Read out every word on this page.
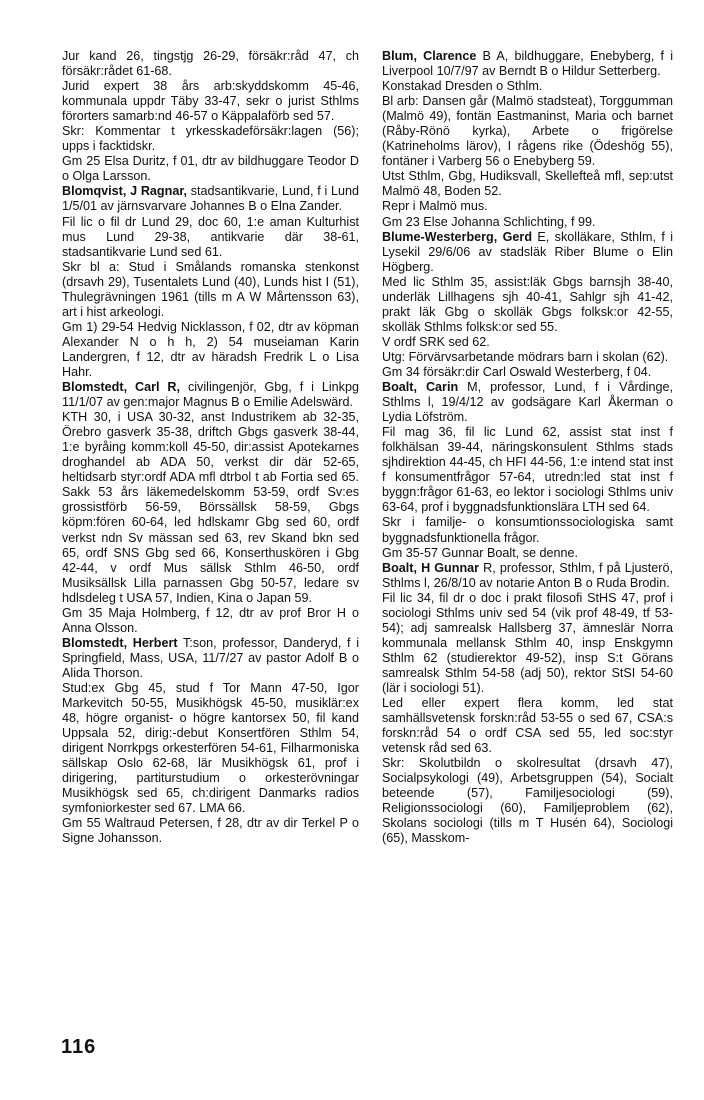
Jur kand 26, tingstjg 26-29, försäkr:råd 47, ch försäkr:rådet 61-68.

Jurid expert 38 års arb:skyddskomm 45-46, kommunala uppdr Täby 33-47, sekr o jurist Sthlms förorters samarb:nd 46-57 o Käppalaförb sed 57.

Skr: Kommentar t yrkesskadeförsäkr:lagen (56); upps i facktidskr.

Gm 25 Elsa Duritz, f 01, dtr av bildhuggare Teodor D o Olga Larsson.

Blomqvist, J Ragnar, stadsantikvarie, Lund, f i Lund 1/5/01 av järnsvarvare Johannes B o Elna Zander.

Fil lic o fil dr Lund 29, doc 60, 1:e aman Kulturhist mus Lund 29-38, antikvarie där 38-61, stadsantikvarie Lund sed 61.

Skr bl a: Stud i Smålands romanska stenkonst (drsavh 29), Tusentalets Lund (40), Lunds hist I (51), Thulegrävningen 1961 (tills m A W Mårtensson 63), art i hist arkeologi.

Gm 1) 29-54 Hedvig Nicklasson, f 02, dtr av köpman Alexander N o h h, 2) 54 museiaman Karin Landergren, f 12, dtr av häradsh Fredrik L o Lisa Hahr.

Blomstedt, Carl R, civilingenjör, Gbg, f i Linkpg 11/1/07 av gen:major Magnus B o Emilie Adelswärd.

KTH 30, i USA 30-32, anst Industrikem ab 32-35, Örebro gasverk 35-38, driftch Gbgs gasverk 38-44, 1:e byråing komm:koll 45-50, dir:assist Apotekarnes droghandel ab ADA 50, verkst dir där 52-65, heltidsarb styr:ordf ADA mfl dtrbol t ab Fortia sed 65. Sakk 53 års läkemedelskomm 53-59, ordf Sv:es grossistförb 56-59, Börssällsk 58-59, Gbgs köpm:fören 60-64, led hdlskamr Gbg sed 60, ordf verkst ndn Sv mässan sed 63, rev Skand bkn sed 65, ordf SNS Gbg sed 66, Konserthuskören i Gbg 42-44, v ordf Mus sällsk Sthlm 46-50, ordf Musiksällsk Lilla parnassen Gbg 50-57, ledare sv hdlsdeleg t USA 57, Indien, Kina o Japan 59.

Gm 35 Maja Holmberg, f 12, dtr av prof Bror H o Anna Olsson.

Blomstedt, Herbert T:son, professor, Danderyd, f i Springfield, Mass, USA, 11/7/27 av pastor Adolf B o Alida Thorson.

Stud:ex Gbg 45, stud f Tor Mann 47-50, Igor Markevitch 50-55, Musikhögsk 45-50, musiklär:ex 48, högre organist- o högre kantorsex 50, fil kand Uppsala 52, dirig:-debut Konsertfören Sthlm 54, dirigent Norrkpgs orkesterfören 54-61, Filharmoniska sällskap Oslo 62-68, lär Musikhögsk 61, prof i dirigering, partiturstudium o orkesterövningar Musikhögsk sed 65, ch:dirigent Danmarks radios symfoniorkester sed 67. LMA 66.

Gm 55 Waltraud Petersen, f 28, dtr av dir Terkel P o Signe Johansson.

Blum, Clarence B A, bildhuggare, Enebyberg, f i Liverpool 10/7/97 av Berndt B o Hildur Setterberg.

Konstakad Dresden o Sthlm.

Bl arb: Dansen går (Malmö stadsteat), Torggumman (Malmö 49), fontän Eastmaninst, Maria och barnet (Råby-Rönö kyrka), Arbete o frigörelse (Katrineholms lärov), I rågens rike (Ödeshög 55), fontäner i Varberg 56 o Enebyberg 59.

Utst Sthlm, Gbg, Hudiksvall, Skellefteå mfl, sep:utst Malmö 48, Boden 52.

Repr i Malmö mus.

Gm 23 Else Johanna Schlichting, f 99.

Blume-Westerberg, Gerd E, skolläkare, Sthlm, f i Lysekil 29/6/06 av stadsläk Riber Blume o Elin Högberg.

Med lic Sthlm 35, assist:läk Gbgs barnsjh 38-40, underläk Lillhagens sjh 40-41, Sahlgr sjh 41-42, prakt läk Gbg o skolläk Gbgs folksk:or 42-55, skolläk Sthlms folksk:or sed 55.

V ordf SRK sed 62.

Utg: Förvärvsarbetande mödrars barn i skolan (62).

Gm 34 försäkr:dir Carl Oswald Westerberg, f 04.

Boalt, Carin M, professor, Lund, f i Vårdinge, Sthlms l, 19/4/12 av godsägare Karl Åkerman o Lydia Löfström.

Fil mag 36, fil lic Lund 62, assist stat inst f folkhälsan 39-44, näringskonsulent Sthlms stads sjhdirektion 44-45, ch HFI 44-56, 1:e intend stat inst f konsumentfrågor 57-64, utredn:led stat inst f byggn:frågor 61-63, eo lektor i sociologi Sthlms univ 63-64, prof i byggnadsfunktionslära LTH sed 64.

Skr i familje- o konsumtionssociologiska samt byggnadsfunktionella frågor.

Gm 35-57 Gunnar Boalt, se denne.

Boalt, H Gunnar R, professor, Sthlm, f på Ljusterö, Sthlms l, 26/8/10 av notarie Anton B o Ruda Brodin.

Fil lic 34, fil dr o doc i prakt filosofi StHS 47, prof i sociologi Sthlms univ sed 54 (vik prof 48-49, tf 53-54); adj samrealsk Hallsberg 37, ämneslär Norra kommunala mellansk Sthlm 40, insp Enskgymn Sthlm 62 (studierektor 49-52), insp S:t Görans samrealsk Sthlm 54-58 (adj 50), rektor StSI 54-60 (lär i sociologi 51).

Led eller expert flera komm, led stat samhällsvetensk forskn:råd 53-55 o sed 67, CSA:s forskn:råd 54 o ordf CSA sed 55, led soc:styr vetensk råd sed 63.

Skr: Skolutbildn o skolresultat (drsavh 47), Socialpsykologi (49), Arbetsgruppen (54), Socialt beteende (57), Familjesociologi (59), Religionssociologi (60), Familjeproblem (62), Skolans sociologi (tills m T Husén 64), Sociologi (65), Masskom-

116
